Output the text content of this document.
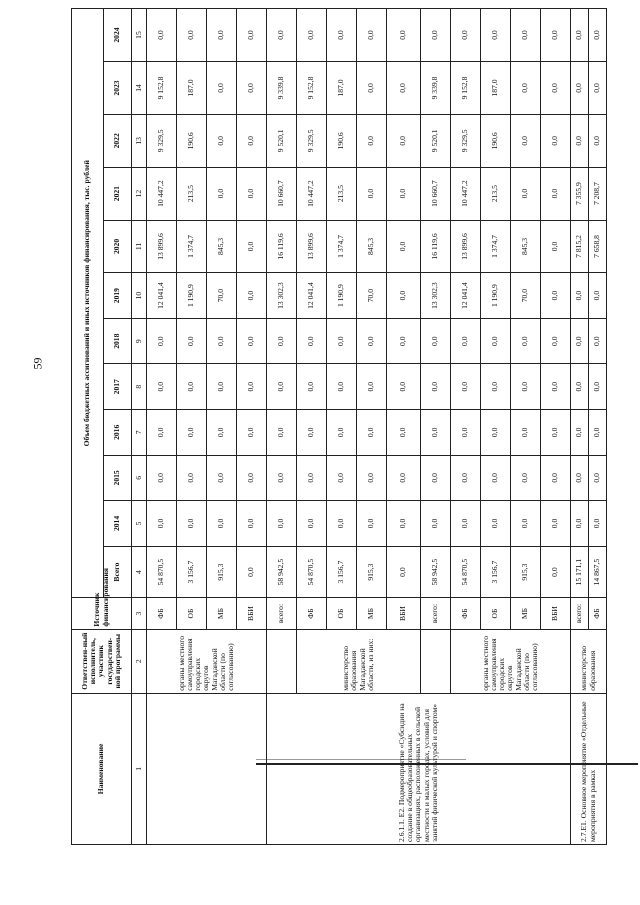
59
Наименование	Ответствен-ный исполнитель, участник государствен-ной программы	Источник финансирования	Объем бюджетных ассигнований и иных источников финансирования, тыс. рублей											
			Всего	2014	2015	2016	2017	2018	2019	2020	2021	2022	2023	2024
1	2	3	4	5	6	7	8	9	10	11	12	13	14	15
	органы местного самоуправления городских округов Магаданской области (по согласованию)	ФБ	54 870,5	0,0	0,0	0,0	0,0	0,0	12 041,4	13 899,6	10 447,2	9 329,5	9 152,8	0,0
		ОБ	3 156,7	0,0	0,0	0,0	0,0	0,0	1 190,9	1 374,7	213,5	190,6	187,0	0,0
		МБ	915,3	0,0	0,0	0,0	0,0	0,0	70,0	845,3	0,0	0,0	0,0	0,0
		ВБИ	0,0	0,0	0,0	0,0	0,0	0,0	0,0	0,0	0,0	0,0	0,0	0,0
2.6.1.1. Е2. Подмероприятие «Субсидии на создание в общеобразовательных организациях, расположенных в сельской местности и малых городах, условий для занятий физической культурой и спортом»		всего:	58 942,5	0,0	0,0	0,0	0,0	0,0	13 302,3	16 119,6	10 660,7	9 520,1	9 339,8	0,0
	министерство образования Магаданской области, из них:	ФБ	54 870,5	0,0	0,0	0,0	0,0	0,0	12 041,4	13 899,6	10 447,2	9 329,5	9 152,8	0,0
		ОБ	3 156,7	0,0	0,0	0,0	0,0	0,0	1 190,9	1 374,7	213,5	190,6	187,0	0,0
		МБ	915,3	0,0	0,0	0,0	0,0	0,0	70,0	845,3	0,0	0,0	0,0	0,0
		ВБИ	0,0	0,0	0,0	0,0	0,0	0,0	0,0	0,0	0,0	0,0	0,0	0,0
		всего:	58 942,5	0,0	0,0	0,0	0,0	0,0	13 302,3	16 119,6	10 660,7	9 520,1	9 339,8	0,0
	органы местного самоуправления городских округов Магаданской области (по согласованию)	ФБ	54 870,5	0,0	0,0	0,0	0,0	0,0	12 041,4	13 899,6	10 447,2	9 329,5	9 152,8	0,0
		ОБ	3 156,7	0,0	0,0	0,0	0,0	0,0	1 190,9	1 374,7	213,5	190,6	187,0	0,0
		МБ	915,3	0,0	0,0	0,0	0,0	0,0	70,0	845,3	0,0	0,0	0,0	0,0
		ВБИ	0,0	0,0	0,0	0,0	0,0	0,0	0,0	0,0	0,0	0,0	0,0	0,0
2.7.Е1. Основное мероприятие «Отдельные мероприятия в рамках	министерство образования	всего:	15 171,1	0,0	0,0	0,0	0,0	0,0	0,0	7 815,2	7 355,9	0,0	0,0	0,0
		ФБ	14 867,5	0,0	0,0	0,0	0,0	0,0	0,0	7 658,8	7 208,7	0,0	0,0	0,0
